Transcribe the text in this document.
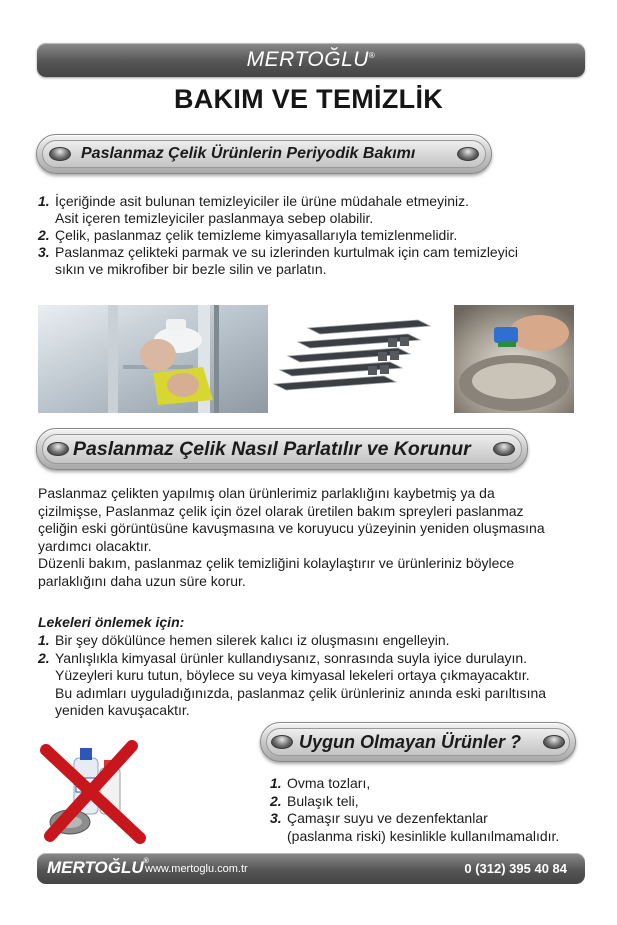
MERTOĞLU®
BAKIM VE TEMİZLİK
Paslanmaz Çelik Ürünlerin Periyodik Bakımı
1. İçeriğinde asit bulunan temizleyiciler ile ürüne müdahale etmeyiniz.
Asit içeren temizleyiciler paslanmaya sebep olabilir.
2. Çelik, paslanmaz çelik temizleme kimyasallarıyla temizlenmelidir.
3. Paslanmaz çelikteki parmak ve su izlerinden kurtulmak için cam temizleyici
sıkın ve mikrofiber bir bezle silin ve parlatın.
Paslanmaz Çelik Nasıl Parlatılır ve Korunur
Paslanmaz çelikten yapılmış olan ürünlerimiz parlaklığını kaybetmiş ya da
çizilmişse, Paslanmaz çelik için özel olarak üretilen bakım spreyleri paslanmaz
çeliğin eski görüntüsüne kavuşmasına ve koruyucu yüzeyinin yeniden oluşmasına
yardımcı olacaktır.
Düzenli bakım, paslanmaz çelik temizliğini kolaylaştırır ve ürünleriniz böylece
parlaklığını daha uzun süre korur.
Lekeleri önlemek için:
1. Bir şey dökülünce hemen silerek kalıcı iz oluşmasını engelleyin.
2. Yanlışlıkla kimyasal ürünler kullandıysanız, sonrasında suyla iyice durulayın.
Yüzeyleri kuru tutun, böylece su veya kimyasal lekeleri ortaya çıkmayacaktır.
Bu adımları uyguladığınızda, paslanmaz çelik ürünleriniz anında eski parıltısına
yeniden kavuşacaktır.
Uygun Olmayan Ürünler ?
1. Ovma tozları,
2. Bulaşık teli,
3. Çamaşır suyu ve dezenfektanlar
(paslanma riski) kesinlikle kullanılmamalıdır.
MERTOĞLU®
www.mertoglu.com.tr	0 (312) 395 40 84
